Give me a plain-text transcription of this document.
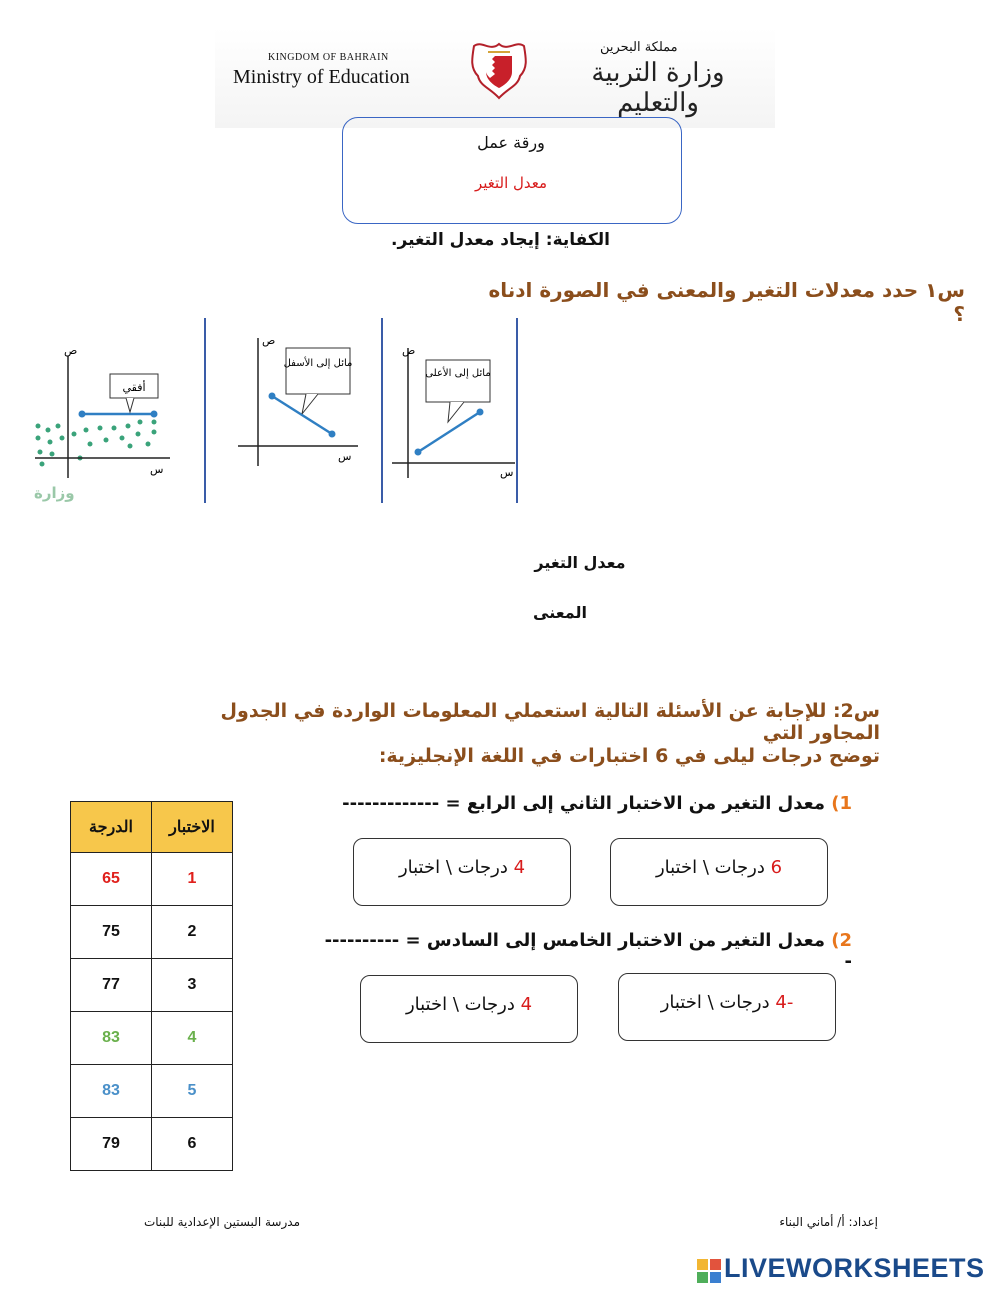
KINGDOM OF BAHRAIN
Ministry of Education
مملكة البحرين
وزارة التربية والتعليم
ورقة عمل
معدل التغير
الكفاية: إيجاد معدل التغير.
س١ حدد معدلات التغير والمعنى في الصورة ادناه ؟
ص
س
أفقي
وزارة
ص
س
مائل إلى الأسفل
ص
س
مائل إلى الأعلى
معدل التغير
المعنى
س2: للإجابة عن الأسئلة التالية استعملي المعلومات الواردة في الجدول المجاور التي
توضح درجات ليلى في 6 اختبارات في اللغة الإنجليزية:
1) معدل التغير من الاختبار الثاني إلى الرابع = -------------
6 درجات \ اختبار
4 درجات \ اختبار
2) معدل التغير من الاختبار الخامس إلى السادس = -----------
-4 درجات \ اختبار
4 درجات \ اختبار
الدرجة	الاختبار
65	1
75	2
77	3
83	4
83	5
79	6
إعداد: أ/ أماني البناء
مدرسة البستين الإعدادية للبنات
LIVEWORKSHEETS
